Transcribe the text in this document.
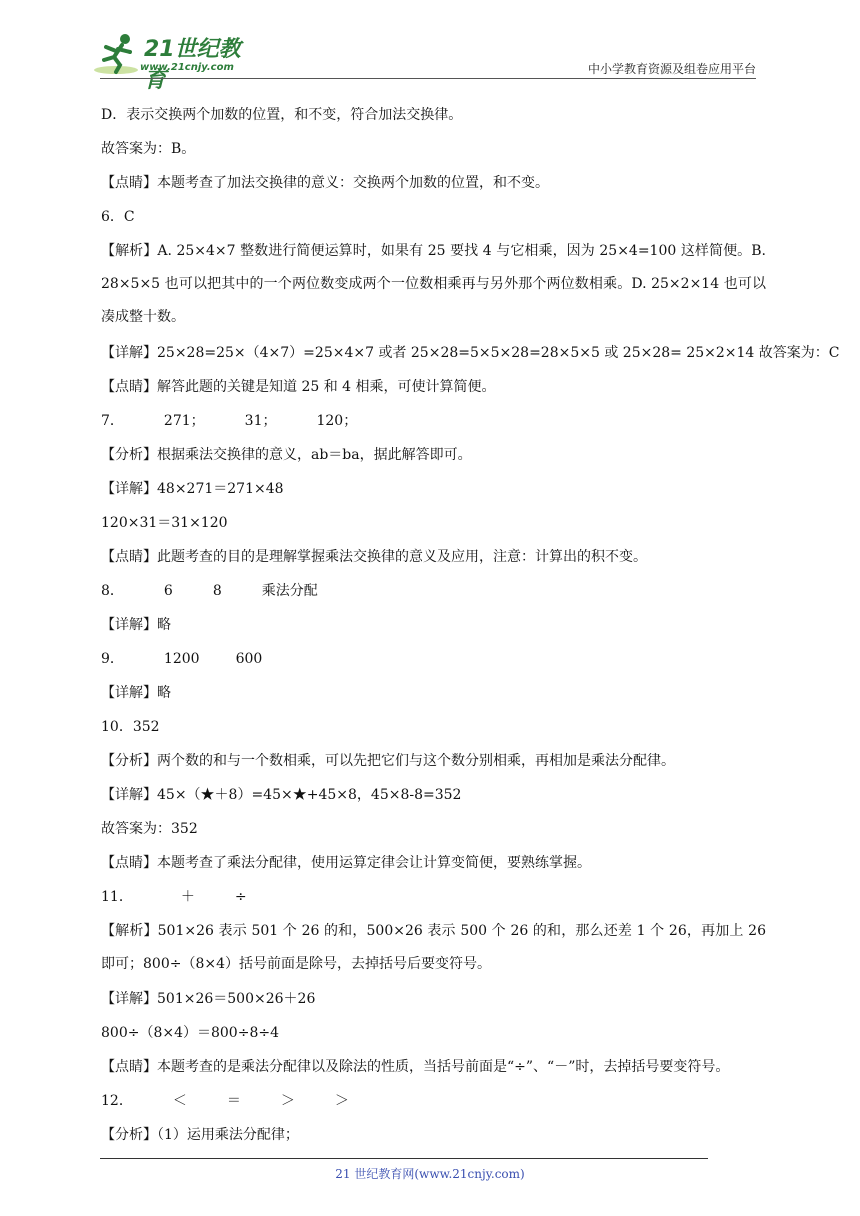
21世纪教育
www.21cnjy.com	中小学教育资源及组卷应用平台
D．表示交换两个加数的位置，和不变，符合加法交换律。
故答案为：B。
【点睛】本题考查了加法交换律的意义：交换两个加数的位置，和不变。
6．C
【解析】A. 25×4×7 整数进行简便运算时，如果有 25 要找 4 与它相乘，因为 25×4=100 这样简便。B. 28×5×5 也可以把其中的一个两位数变成两个一位数相乘再与另外那个两位数相乘。D. 25×2×14 也可以凑成整十数。
【详解】25×28=25×（4×7）=25×4×7 或者 25×28=5×5×28=28×5×5 或 25×28= 25×2×14 故答案为：C
【点睛】解答此题的关键是知道 25 和 4 相乘，可使计算简便。
7．	271；	31；	120；
【分析】根据乘法交换律的意义，ab＝ba，据此解答即可。
【详解】48×271＝271×48
120×31＝31×120
【点睛】此题考查的目的是理解掌握乘法交换律的意义及应用，注意：计算出的积不变。
8．	6	8	乘法分配
【详解】略
9．	1200	600
【详解】略
10．352
【分析】两个数的和与一个数相乘，可以先把它们与这个数分别相乘，再相加是乘法分配律。
【详解】45×（★＋8）=45×★+45×8，45×8-8=352
故答案为：352
【点睛】本题考查了乘法分配律，使用运算定律会让计算变简便，要熟练掌握。
11．	＋	÷
【解析】501×26 表示 501 个 26 的和，500×26 表示 500 个 26 的和，那么还差 1 个 26，再加上 26 即可；800÷（8×4）括号前面是除号，去掉括号后要变符号。
【详解】501×26＝500×26＋26
800÷（8×4）＝800÷8÷4
【点睛】本题考查的是乘法分配律以及除法的性质，当括号前面是“÷”、“－”时，去掉括号要变符号。
12．	＜	＝	＞	＞
【分析】（1）运用乘法分配律；
21 世纪教育网(www.21cnjy.com)
